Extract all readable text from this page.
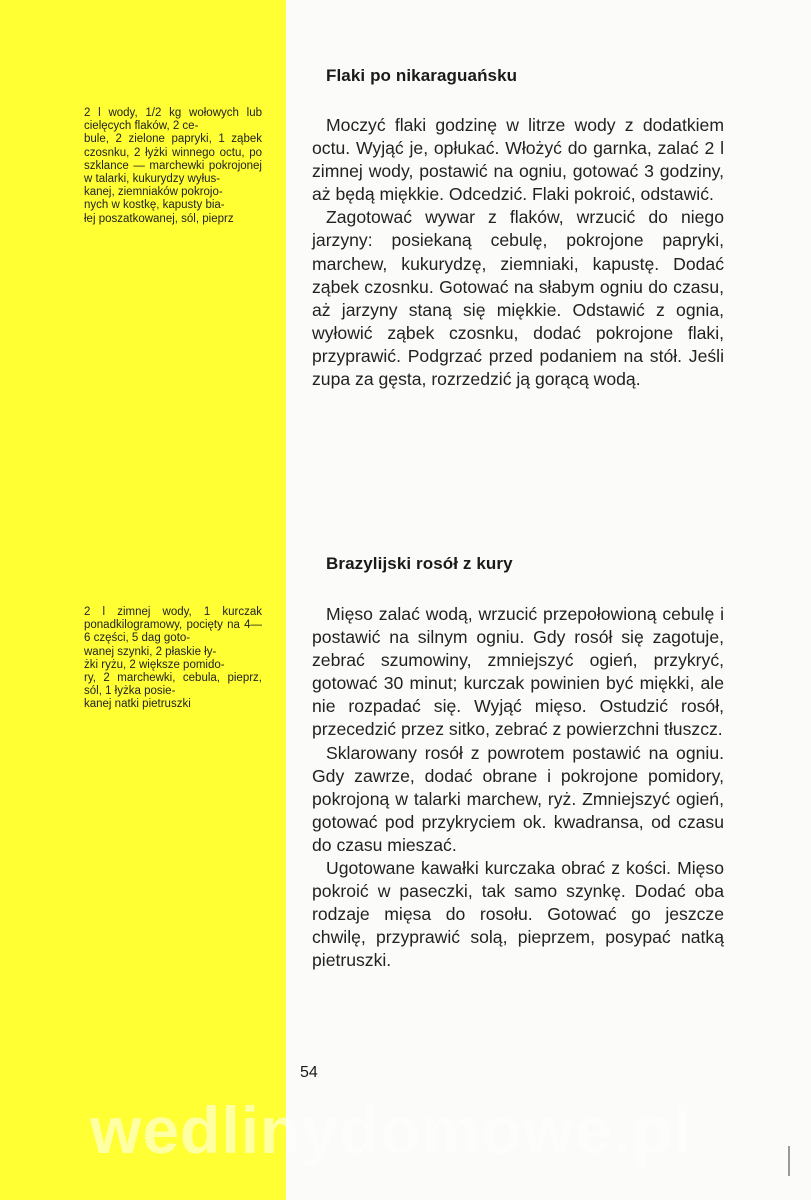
2 l wody, 1/2 kg wołowych lub cielęcych flaków, 2 ce-
bule, 2 zielone papryki, 1 ząbek czosnku, 2 łyżki winnego octu, po szklance — marchewki pokrojonej w talarki, kukurydzy wyłus-
kanej, ziemniaków pokrojo-
nych w kostkę, kapusty bia-
łej poszatkowanej, sól, pieprz
Flaki po nikaraguańsku

Moczyć flaki godzinę w litrze wody z dodatkiem octu. Wyjąć je, opłukać. Włożyć do garnka, zalać 2 l zimnej wody, postawić na ogniu, gotować 3 godziny, aż będą miękkie. Odcedzić. Flaki pokroić, odstawić.

Zagotować wywar z flaków, wrzucić do niego jarzyny: posiekaną cebulę, pokrojone papryki, marchew, kukurydzę, ziemniaki, kapustę. Dodać ząbek czosnku. Gotować na słabym ogniu do czasu, aż jarzyny staną się miękkie. Odstawić z ognia, wyłowić ząbek czosnku, dodać pokrojone flaki, przyprawić. Podgrzać przed podaniem na stół. Jeśli zupa za gęsta, rozrzedzić ją gorącą wodą.

2 l zimnej wody, 1 kurczak ponadkilogramowy, pocięty na 4—6 części, 5 dag goto-
wanej szynki, 2 płaskie ły-
żki ryżu, 2 większe pomido-
ry, 2 marchewki, cebula, pieprz, sól, 1 łyżka posie-
kanej natki pietruszki
Brazylijski rosół z kury

Mięso zalać wodą, wrzucić przepołowioną cebulę i postawić na silnym ogniu. Gdy rosół się zagotuje, zebrać szumowiny, zmniejszyć ogień, przykryć, gotować 30 minut; kurczak powinien być miękki, ale nie rozpadać się. Wyjąć mięso. Ostudzić rosół, przecedzić przez sitko, zebrać z powierzchni tłuszcz.

Sklarowany rosół z powrotem postawić na ogniu. Gdy zawrze, dodać obrane i pokrojone pomidory, pokrojoną w talarki marchew, ryż. Zmniejszyć ogień, gotować pod przykryciem ok. kwadransa, od czasu do czasu mieszać.

Ugotowane kawałki kurczaka obrać z kości. Mięso pokroić w paseczki, tak samo szynkę. Dodać oba rodzaje mięsa do rosołu. Gotować go jeszcze chwilę, przyprawić solą, pieprzem, posypać natką pietruszki.

54
wedlinydomowe.pl
